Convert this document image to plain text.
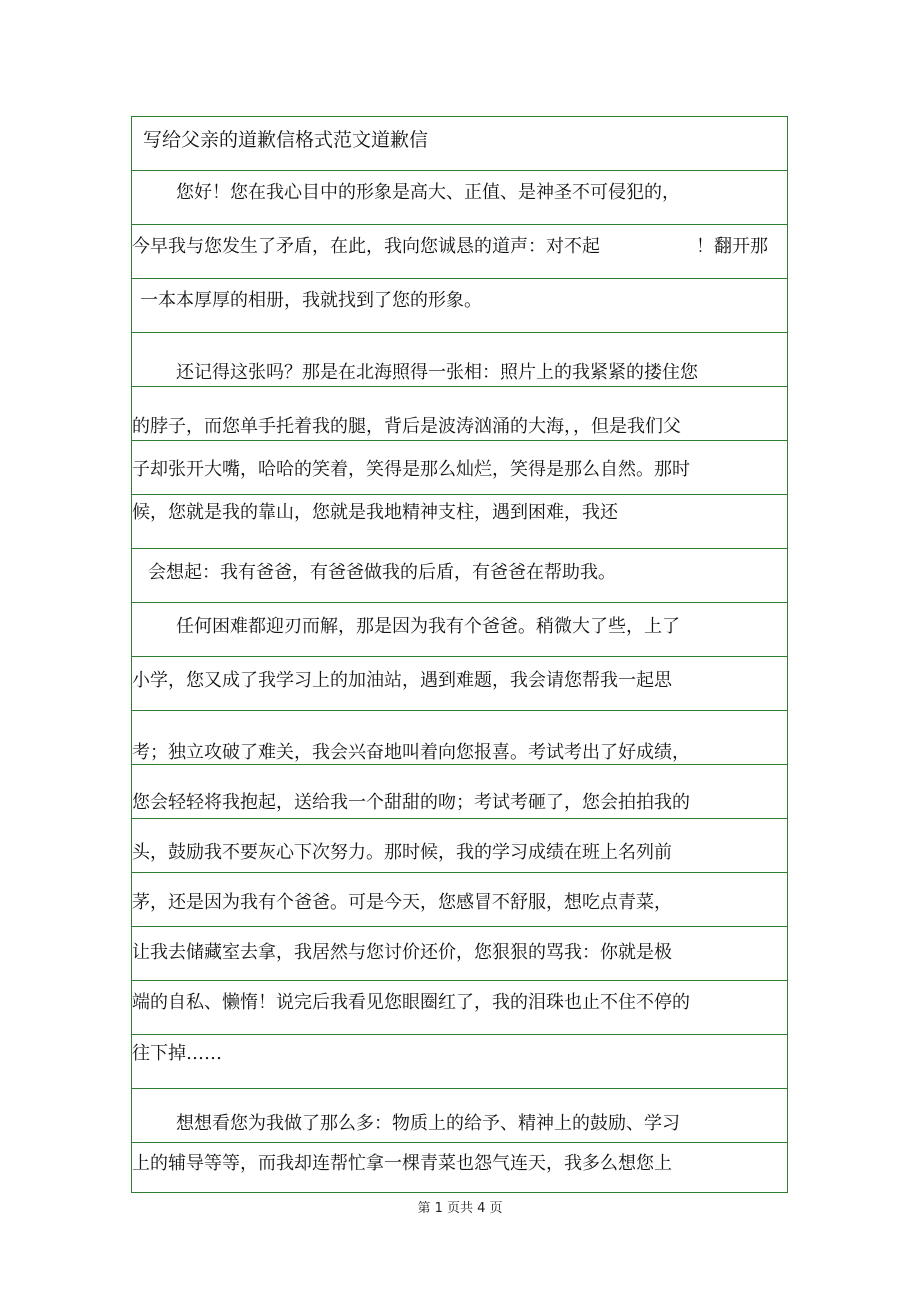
写给父亲的道歉信格式范文道歉信
您好！您在我心目中的形象是高大、正值、是神圣不可侵犯的，
今早我与您发生了矛盾，在此，我向您诚恳的道声：对不起	！翻开那
一本本厚厚的相册，我就找到了您的形象。
还记得这张吗？那是在北海照得一张相：照片上的我紧紧的搂住您
的脖子，而您单手托着我的腿，背后是波涛汹涌的大海，，但是我们父
子却张开大嘴，哈哈的笑着，笑得是那么灿烂，笑得是那么自然。那时
候，您就是我的靠山，您就是我地精神支柱，遇到困难，我还
会想起：我有爸爸，有爸爸做我的后盾，有爸爸在帮助我。
任何困难都迎刃而解，那是因为我有个爸爸。稍微大了些，上了
小学，您又成了我学习上的加油站，遇到难题，我会请您帮我一起思
考；独立攻破了难关，我会兴奋地叫着向您报喜。考试考出了好成绩，
您会轻轻将我抱起，送给我一个甜甜的吻；考试考砸了，您会拍拍我的
头，鼓励我不要灰心下次努力。那时候，我的学习成绩在班上名列前
茅，还是因为我有个爸爸。可是今天，您感冒不舒服，想吃点青菜，
让我去储藏室去拿，我居然与您讨价还价，您狠狠的骂我：你就是极
端的自私、懒惰！说完后我看见您眼圈红了，我的泪珠也止不住不停的
往下掉……
想想看您为我做了那么多：物质上的给予、精神上的鼓励、学习
上的辅导等等，而我却连帮忙拿一棵青菜也怨气连天，我多么想您上
第 1 页共 4 页
